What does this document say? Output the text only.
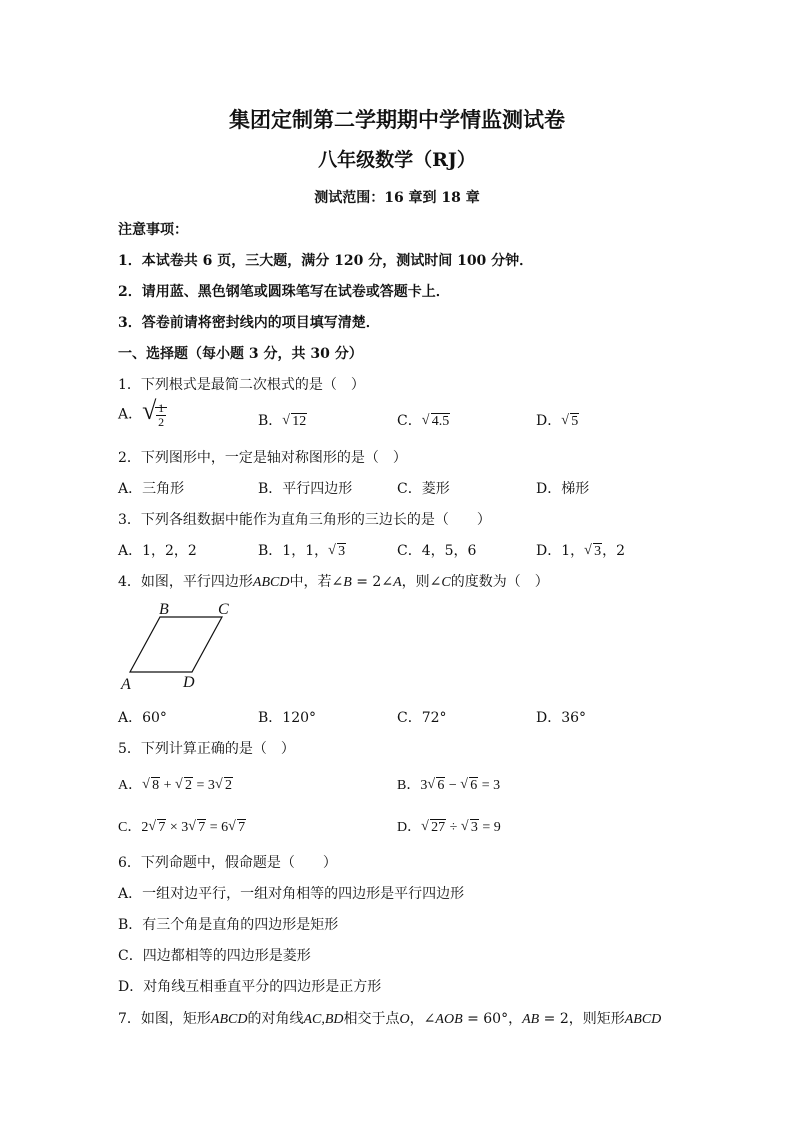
集团定制第二学期期中学情监测试卷
八年级数学（RJ）
测试范围：16 章到 18 章
注意事项：
1．本试卷共 6 页，三大题，满分 120 分，测试时间 100 分钟．
2．请用蓝、黑色钢笔或圆珠笔写在试卷或答题卡上．
3．答卷前请将密封线内的项目填写清楚．
一、选择题（每小题 3 分，共 30 分）
1．下列根式是最简二次根式的是（　）
A． √ $\frac{1}{2}$	B． √ 12	C． √ 4.5	D． √ 5
2．下列图形中，一定是轴对称图形的是（　）
A．三角形	B．平行四边形	C．菱形	D．梯形
3．下列各组数据中能作为直角三角形的三边长的是（　　）
A．1，2，2	B．1，1， √ 3	C．4，5，6	D．1， √ 3，2
4．如图，平行四边形ABCD中，若∠B = 2∠A，则∠C的度数为（　）
B	C
A	D
A．60°	B．120°	C．72°	D．36°
5．下列计算正确的是（　）
A． √ 8 + √ 2 = 3 √ 2	B．3 √ 6 − √ 6 = 3
C．2 √ 7 × 3 √ 7 = 6 √ 7	D． √ 27 ÷ √ 3 = 9
6．下列命题中，假命题是（　　）
A．一组对边平行，一组对角相等的四边形是平行四边形
B．有三个角是直角的四边形是矩形
C．四边都相等的四边形是菱形
D．对角线互相垂直平分的四边形是正方形
7．如图，矩形ABCD的对角线AC,BD相交于点O，∠AOB = 60°，AB = 2，则矩形ABCD
